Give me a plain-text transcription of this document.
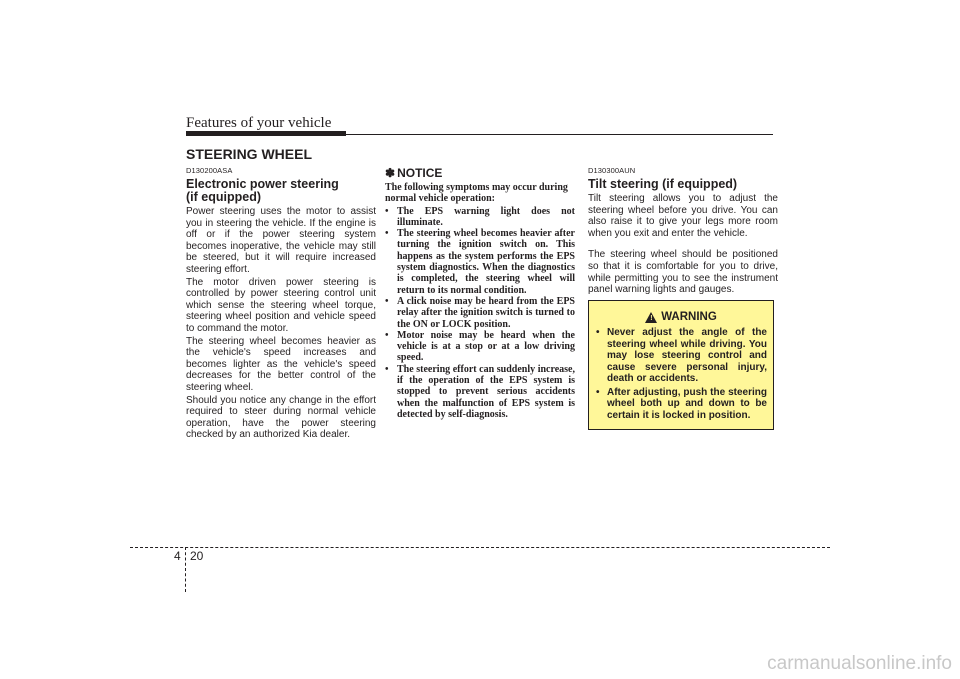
Features of your vehicle
STEERING WHEEL
D130200ASA
Electronic power steering
(if equipped)

Power steering uses the motor to assist you in steering the vehicle. If the engine is off or if the power steering system becomes inoperative, the vehicle may still be steered, but it will require increased steering effort.

The motor driven power steering is controlled by power steering control unit which sense the steering wheel torque, steering wheel position and vehicle speed to command the motor.

The steering wheel becomes heavier as the vehicle's speed increases and becomes lighter as the vehicle's speed decreases for the better control of the steering wheel.

Should you notice any change in the effort required to steer during normal vehicle operation, have the power steering checked by an authorized Kia dealer.

✽ NOTICE
The following symptoms may occur during normal vehicle operation:
• The EPS warning light does not illuminate.
• The steering wheel becomes heavier after turning the ignition switch on. This happens as the system performs the EPS system diagnostics. When the diagnostics is completed, the steering wheel will return to its normal condition.
• A click noise may be heard from the EPS relay after the ignition switch is turned to the ON or LOCK position.
• Motor noise may be heard when the vehicle is at a stop or at a low driving speed.
• The steering effort can suddenly increase, if the operation of the EPS system is stopped to prevent serious accidents when the malfunction of EPS system is detected by self-diagnosis.
D130300AUN
Tilt steering (if equipped)

Tilt steering allows you to adjust the steering wheel before you drive. You can also raise it to give your legs more room when you exit and enter the vehicle.

The steering wheel should be positioned so that it is comfortable for you to drive, while permitting you to see the instrument panel warning lights and gauges.

! WARNING
• Never adjust the angle of the steering wheel while driving. You may lose steering control and cause severe personal injury, death or accidents.
• After adjusting, push the steering wheel both up and down to be certain it is locked in position.
4 20
carmanualsonline.info
